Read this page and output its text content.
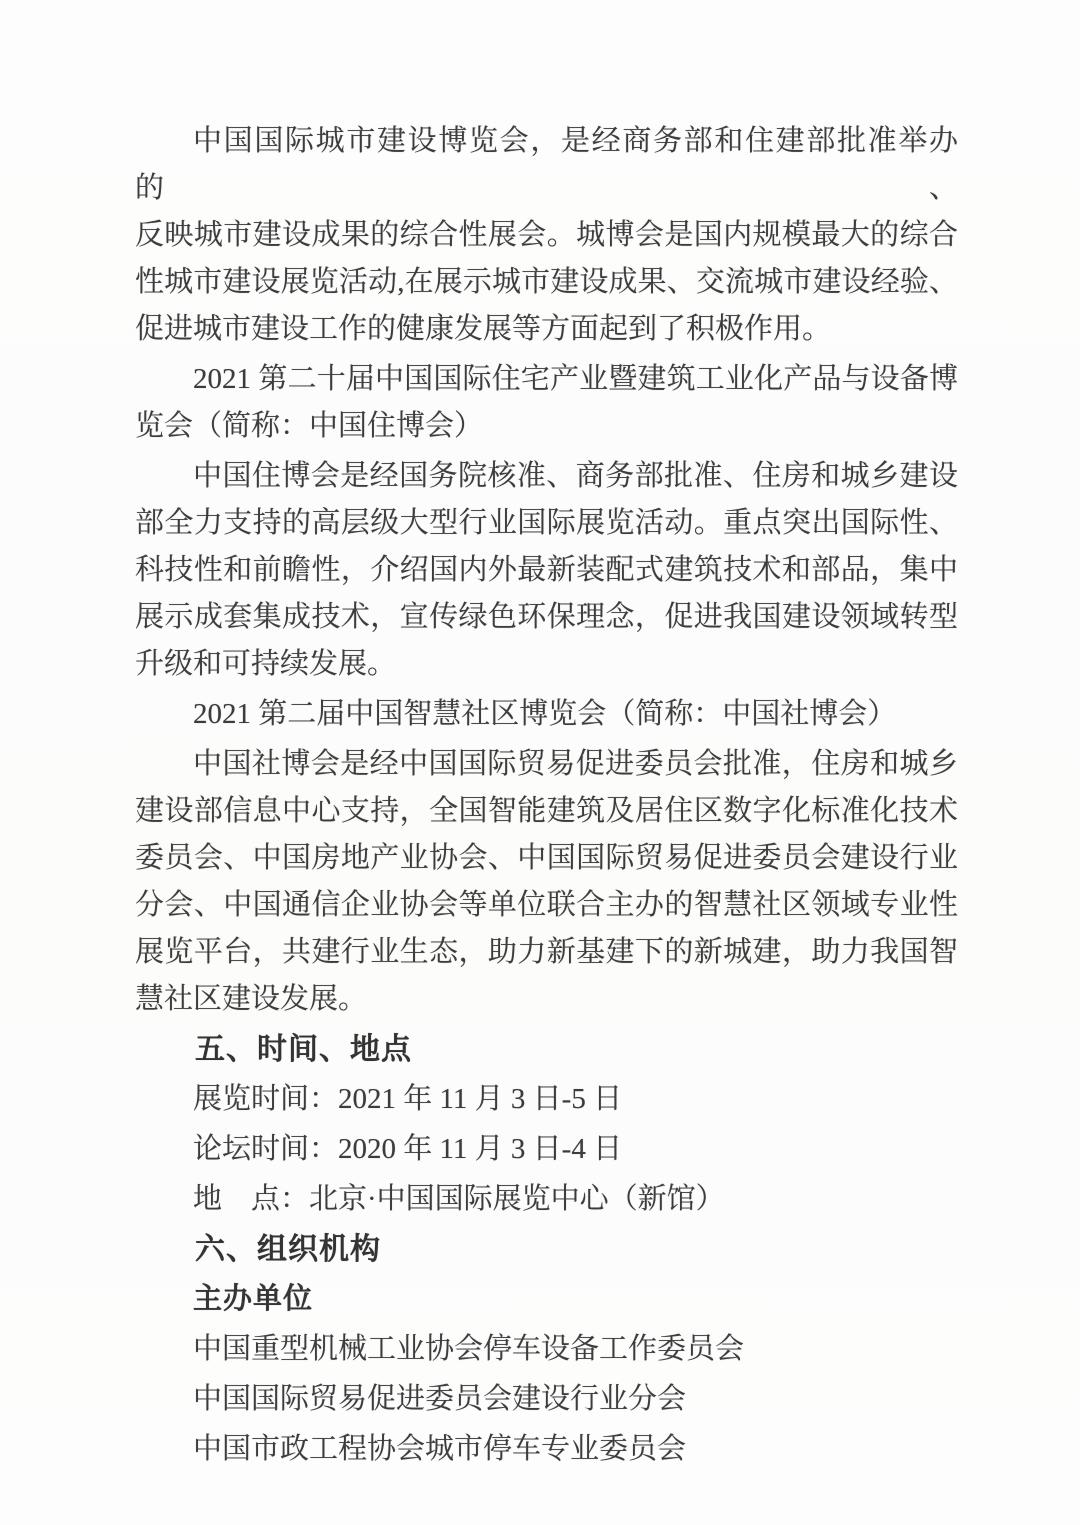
中国国际城市建设博览会，是经商务部和住建部批准举办的、
反映城市建设成果的综合性展会。城博会是国内规模最大的综合
性城市建设展览活动,在展示城市建设成果、交流城市建设经验、
促进城市建设工作的健康发展等方面起到了积极作用。
2021 第二十届中国国际住宅产业暨建筑工业化产品与设备博
览会（简称：中国住博会）
中国住博会是经国务院核准、商务部批准、住房和城乡建设
部全力支持的高层级大型行业国际展览活动。重点突出国际性、
科技性和前瞻性，介绍国内外最新装配式建筑技术和部品，集中
展示成套集成技术，宣传绿色环保理念，促进我国建设领域转型
升级和可持续发展。
2021 第二届中国智慧社区博览会（简称：中国社博会）
中国社博会是经中国国际贸易促进委员会批准，住房和城乡
建设部信息中心支持，全国智能建筑及居住区数字化标准化技术
委员会、中国房地产业协会、中国国际贸易促进委员会建设行业
分会、中国通信企业协会等单位联合主办的智慧社区领域专业性
展览平台，共建行业生态，助力新基建下的新城建，助力我国智
慧社区建设发展。
五、时间、地点
展览时间：2021 年 11 月 3 日-5 日
论坛时间：2020 年 11 月 3 日-4 日
地　点：北京·中国国际展览中心（新馆）
六、组织机构
主办单位
中国重型机械工业协会停车设备工作委员会
中国国际贸易促进委员会建设行业分会
中国市政工程协会城市停车专业委员会
